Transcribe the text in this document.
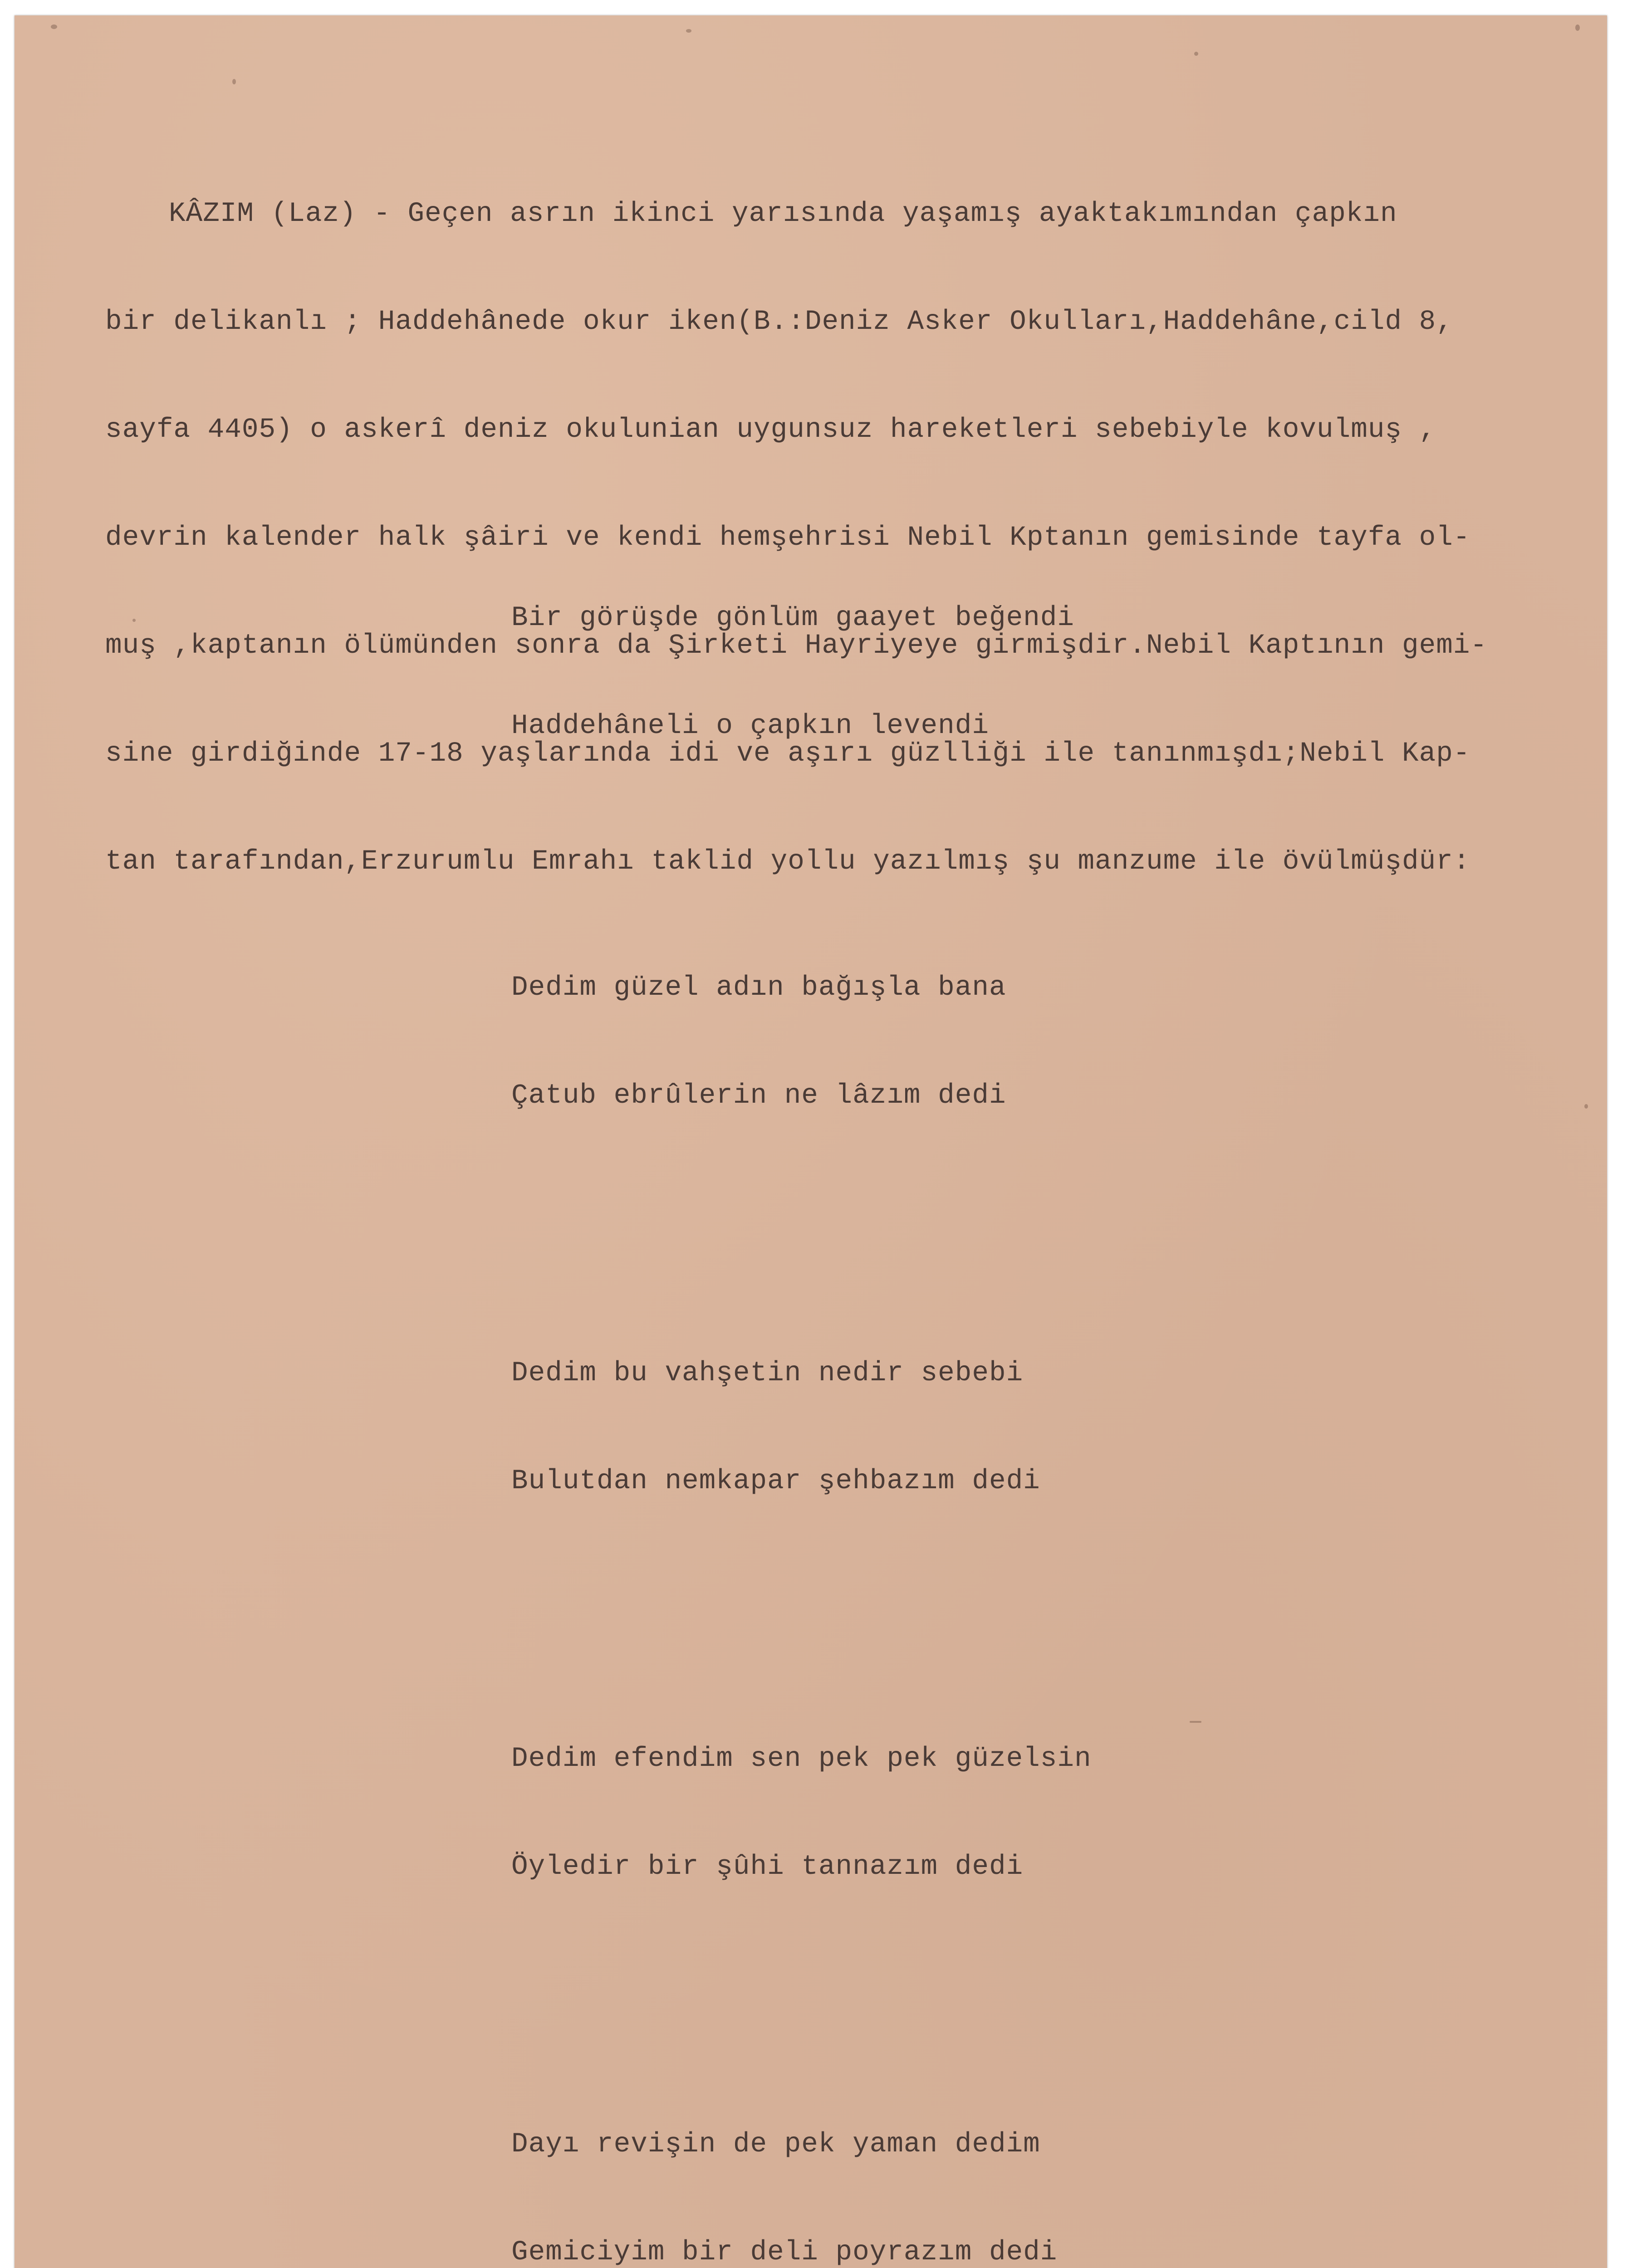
KÂZIM (Laz) - Geçen asrın ikinci yarısında yaşamış ayaktakımından çapkın

bir delikanlı ; Haddehânede okur iken(B.:Deniz Asker Okulları,Haddehâne,cild 8,

sayfa 4405) o askerî deniz okulunian uygunsuz hareketleri sebebiyle kovulmuş ,

devrin kalender halk şâiri ve kendi hemşehrisi Nebil Kptanın gemisinde tayfa ol-

muş ,kaptanın ölümünden sonra da Şirketi Hayriyeye girmişdir.Nebil Kaptının gemi-

sine girdiğinde 17-18 yaşlarında idi ve aşırı güzlliği ile tanınmışdı;Nebil Kap-

tan tarafından,Erzurumlu Emrahı taklid yollu yazılmış şu manzume ile övülmüşdür:

Bir görüşde gönlüm gaayet beğendi

Haddehâneli o çapkın levendi

Dedim güzel adın bağışla bana

Çatub ebrûlerin ne lâzım dedi

Dedim bu vahşetin nedir sebebi

Bulutdan nemkapar şehbazım dedi

Dedim efendim sen pek pek güzelsin

Öyledir bir şûhi tannazım dedi

Dayı revişin de pek yaman dedim

Gemiciyim bir deli poyrazım dedi
